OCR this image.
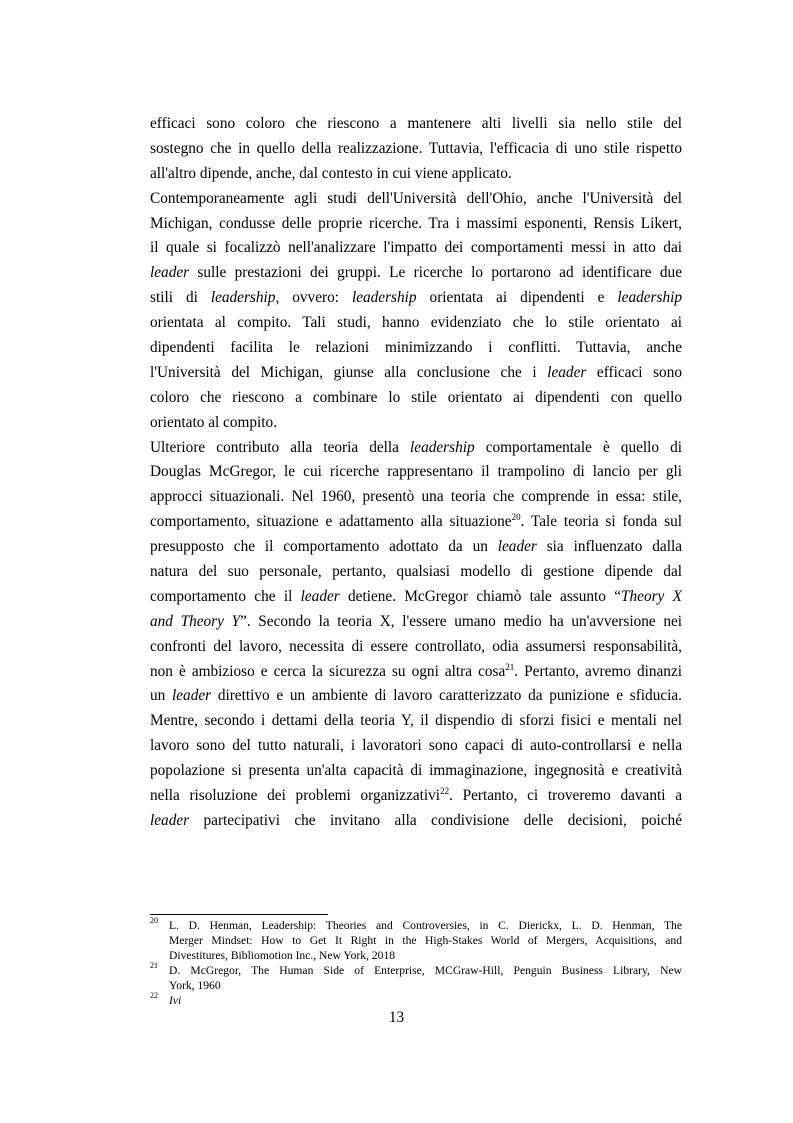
efficaci sono coloro che riescono a mantenere alti livelli sia nello stile del
sostegno che in quello della realizzazione. Tuttavia, l'efficacia di uno stile rispetto
all'altro dipende, anche, dal contesto in cui viene applicato.
Contemporaneamente agli studi dell'Università dell'Ohio, anche l'Università del
Michigan, condusse delle proprie ricerche. Tra i massimi esponenti, Rensis Likert,
il quale si focalizzò nell'analizzare l'impatto dei comportamenti messi in atto dai
leader sulle prestazioni dei gruppi. Le ricerche lo portarono ad identificare due
stili di leadership, ovvero: leadership orientata ai dipendenti e leadership
orientata al compito. Tali studi, hanno evidenziato che lo stile orientato ai
dipendenti facilita le relazioni minimizzando i conflitti. Tuttavia, anche
l'Università del Michigan, giunse alla conclusione che i leader efficaci sono
coloro che riescono a combinare lo stile orientato ai dipendenti con quello
orientato al compito.
Ulteriore contributo alla teoria della leadership comportamentale è quello di
Douglas McGregor, le cui ricerche rappresentano il trampolino di lancio per gli
approcci situazionali. Nel 1960, presentò una teoria che comprende in essa: stile,
comportamento, situazione e adattamento alla situazione$^{20}$. Tale teoria si fonda sul
presupposto che il comportamento adottato da un leader sia influenzato dalla
natura del suo personale, pertanto, qualsiasi modello di gestione dipende dal
comportamento che il leader detiene. McGregor chiamò tale assunto “Theory X
and Theory Y”. Secondo la teoria X, l'essere umano medio ha un'avversione nei
confronti del lavoro, necessita di essere controllato, odia assumersi responsabilità,
non è ambizioso e cerca la sicurezza su ogni altra cosa$^{21}$. Pertanto, avremo dinanzi
un leader direttivo e un ambiente di lavoro caratterizzato da punizione e sfiducia.
Mentre, secondo i dettami della teoria Y, il dispendio di sforzi fisici e mentali nel
lavoro sono del tutto naturali, i lavoratori sono capaci di auto-controllarsi e nella
popolazione si presenta un'alta capacità di immaginazione, ingegnosità e creatività
nella risoluzione dei problemi organizzativi$^{22}$. Pertanto, ci troveremo davanti a
leader partecipativi che invitano alla condivisione delle decisioni, poiché
20 L. D. Henman, Leadership: Theories and Controversies, in C. Dierickx, L. D. Henman, The
Merger Mindset: How to Get It Right in the High-Stakes World of Mergers, Acquisitions, and
Divestitures, Bibliomotion Inc., New York, 2018
21 D. McGregor, The Human Side of Enterprise, MCGraw-Hill, Penguin Business Library, New
York, 1960
22 Ivi
13
